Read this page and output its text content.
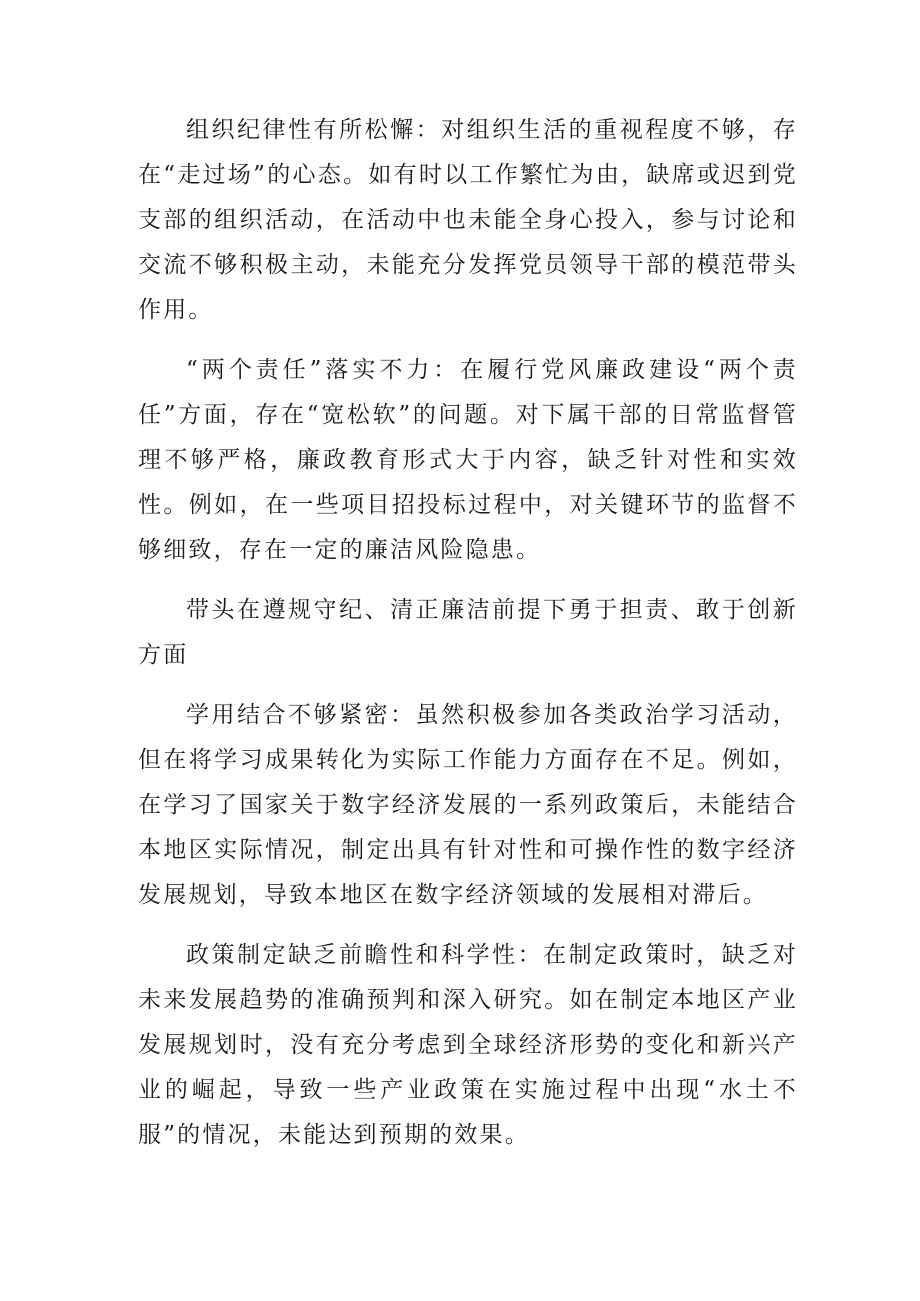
组织纪律性有所松懈：对组织生活的重视程度不够，存在“走过场”的心态。如有时以工作繁忙为由，缺席或迟到党支部的组织活动，在活动中也未能全身心投入，参与讨论和交流不够积极主动，未能充分发挥党员领导干部的模范带头作用。

“两个责任”落实不力：在履行党风廉政建设“两个责任”方面，存在“宽松软”的问题。对下属干部的日常监督管理不够严格，廉政教育形式大于内容，缺乏针对性和实效性。例如，在一些项目招投标过程中，对关键环节的监督不够细致，存在一定的廉洁风险隐患。

带头在遵规守纪、清正廉洁前提下勇于担责、敢于创新方面

学用结合不够紧密：虽然积极参加各类政治学习活动，但在将学习成果转化为实际工作能力方面存在不足。例如，在学习了国家关于数字经济发展的一系列政策后，未能结合本地区实际情况，制定出具有针对性和可操作性的数字经济发展规划，导致本地区在数字经济领域的发展相对滞后。

政策制定缺乏前瞻性和科学性：在制定政策时，缺乏对未来发展趋势的准确预判和深入研究。如在制定本地区产业发展规划时，没有充分考虑到全球经济形势的变化和新兴产业的崛起，导致一些产业政策在实施过程中出现“水土不服”的情况，未能达到预期的效果。
